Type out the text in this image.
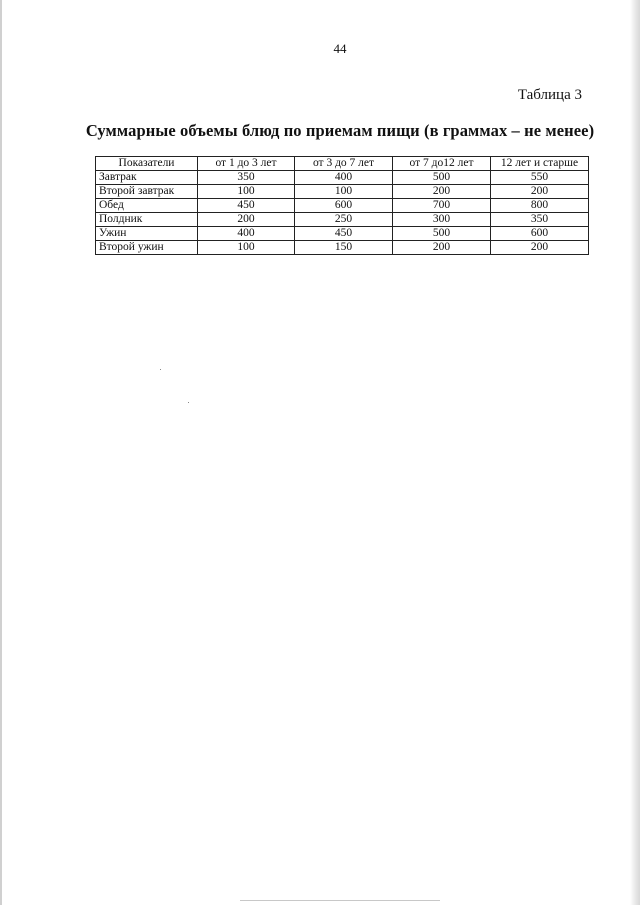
44
Таблица 3
Суммарные объемы блюд по приемам пищи (в граммах – не менее)
Показатели	от 1 до 3 лет	от 3 до 7 лет	от 7 до12 лет	12 лет и старше
Завтрак	350	400	500	550
Второй завтрак	100	100	200	200
Обед	450	600	700	800
Полдник	200	250	300	350
Ужин	400	450	500	600
Второй ужин	100	150	200	200
